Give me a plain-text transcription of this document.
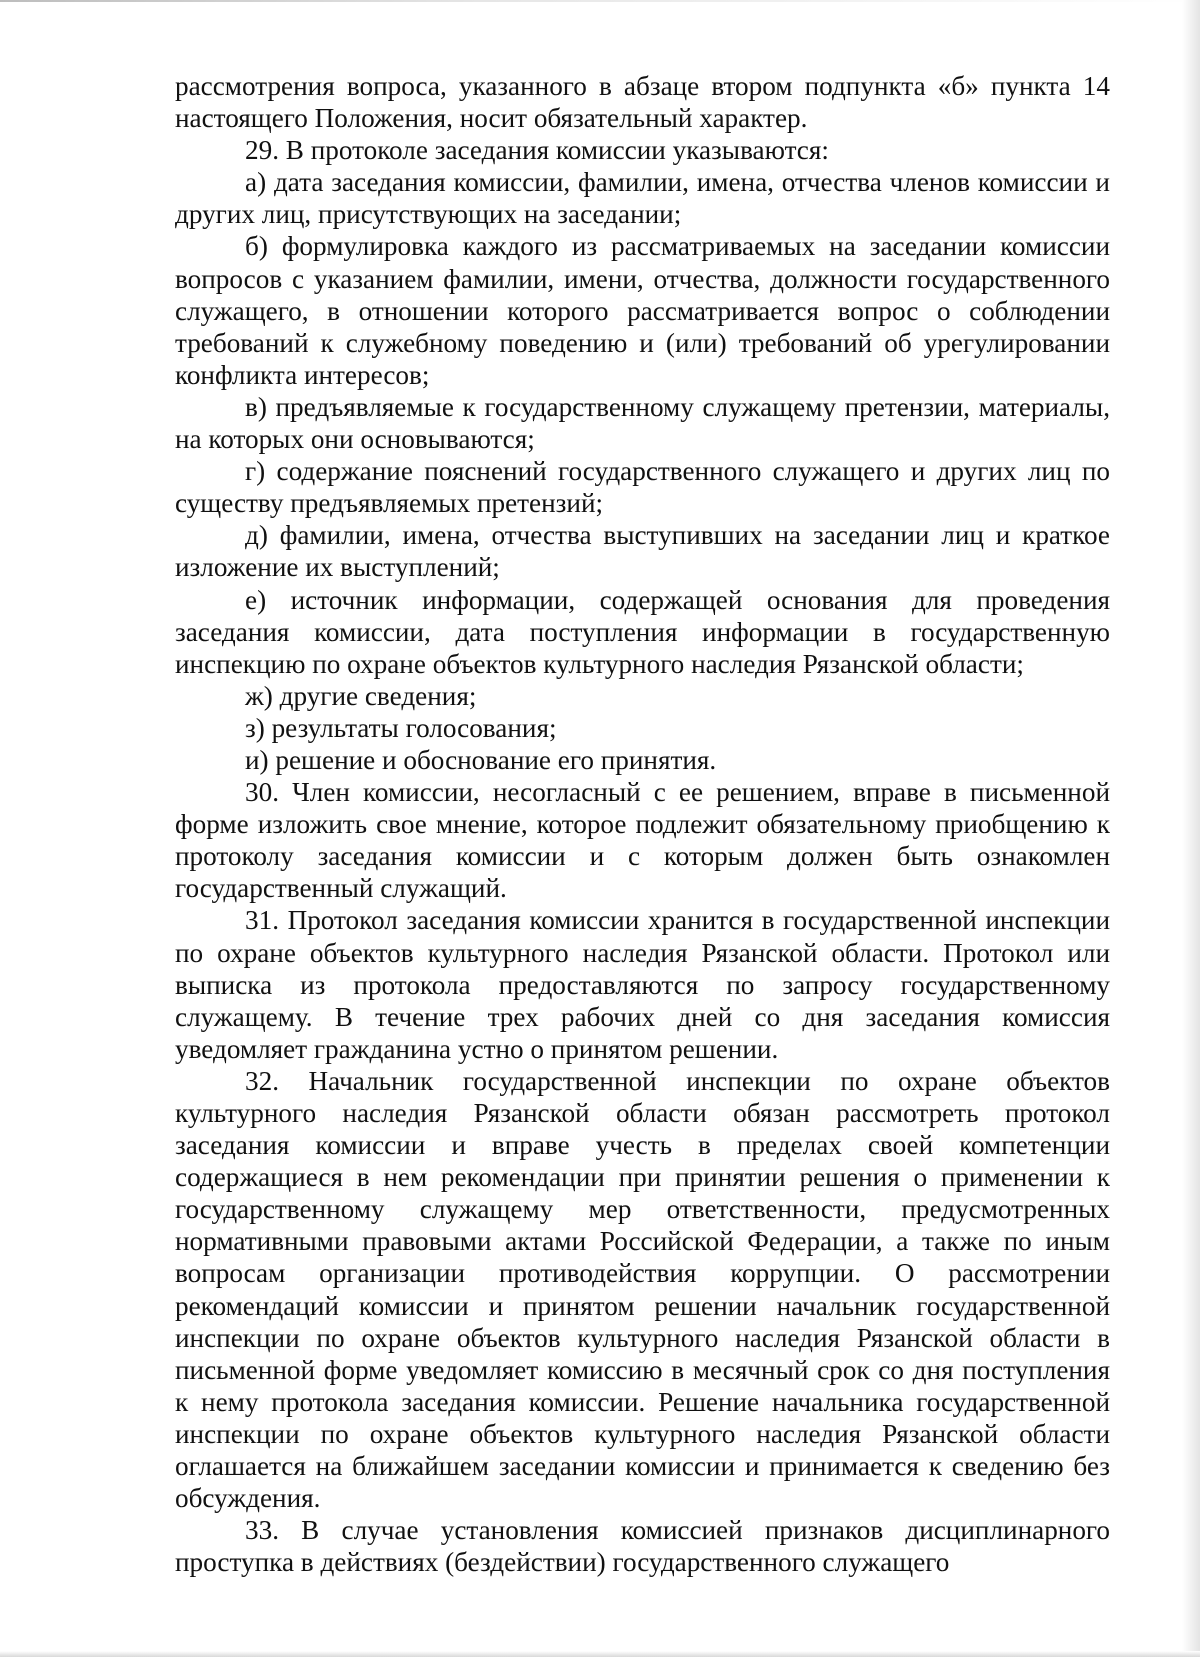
рассмотрения вопроса, указанного в абзаце втором подпункта «б» пункта 14 настоящего Положения, носит обязательный характер.

29. В протоколе заседания комиссии указываются:

а) дата заседания комиссии, фамилии, имена, отчества членов комиссии и других лиц, присутствующих на заседании;

б) формулировка каждого из рассматриваемых на заседании комиссии вопросов с указанием фамилии, имени, отчества, должности государственного служащего, в отношении которого рассматривается вопрос о соблюдении требований к служебному поведению и (или) требований об урегулировании конфликта интересов;

в) предъявляемые к государственному служащему претензии, материалы, на которых они основываются;

г) содержание пояснений государственного служащего и других лиц по существу предъявляемых претензий;

д) фамилии, имена, отчества выступивших на заседании лиц и краткое изложение их выступлений;

е) источник информации, содержащей основания для проведения заседания комиссии, дата поступления информации в государственную инспекцию по охране объектов культурного наследия Рязанской области;

ж) другие сведения;

з) результаты голосования;

и) решение и обоснование его принятия.

30. Член комиссии, несогласный с ее решением, вправе в письменной форме изложить свое мнение, которое подлежит обязательному приобщению к протоколу заседания комиссии и с которым должен быть ознакомлен государственный служащий.

31. Протокол заседания комиссии хранится в государственной инспекции по охране объектов культурного наследия Рязанской области. Протокол или выписка из протокола предоставляются по запросу государственному служащему. В течение трех рабочих дней со дня заседания комиссия уведомляет гражданина устно о принятом решении.

32. Начальник государственной инспекции по охране объектов культурного наследия Рязанской области обязан рассмотреть протокол заседания комиссии и вправе учесть в пределах своей компетенции содержащиеся в нем рекомендации при принятии решения о применении к государственному служащему мер ответственности, предусмотренных нормативными правовыми актами Российской Федерации, а также по иным вопросам организации противодействия коррупции. О рассмотрении рекомендаций комиссии и принятом решении начальник государственной инспекции по охране объектов культурного наследия Рязанской области в письменной форме уведомляет комиссию в месячный срок со дня поступления к нему протокола заседания комиссии. Решение начальника государственной инспекции по охране объектов культурного наследия Рязанской области оглашается на ближайшем заседании комиссии и принимается к сведению без обсуждения.

33. В случае установления комиссией признаков дисциплинарного проступка в действиях (бездействии) государственного служащего
